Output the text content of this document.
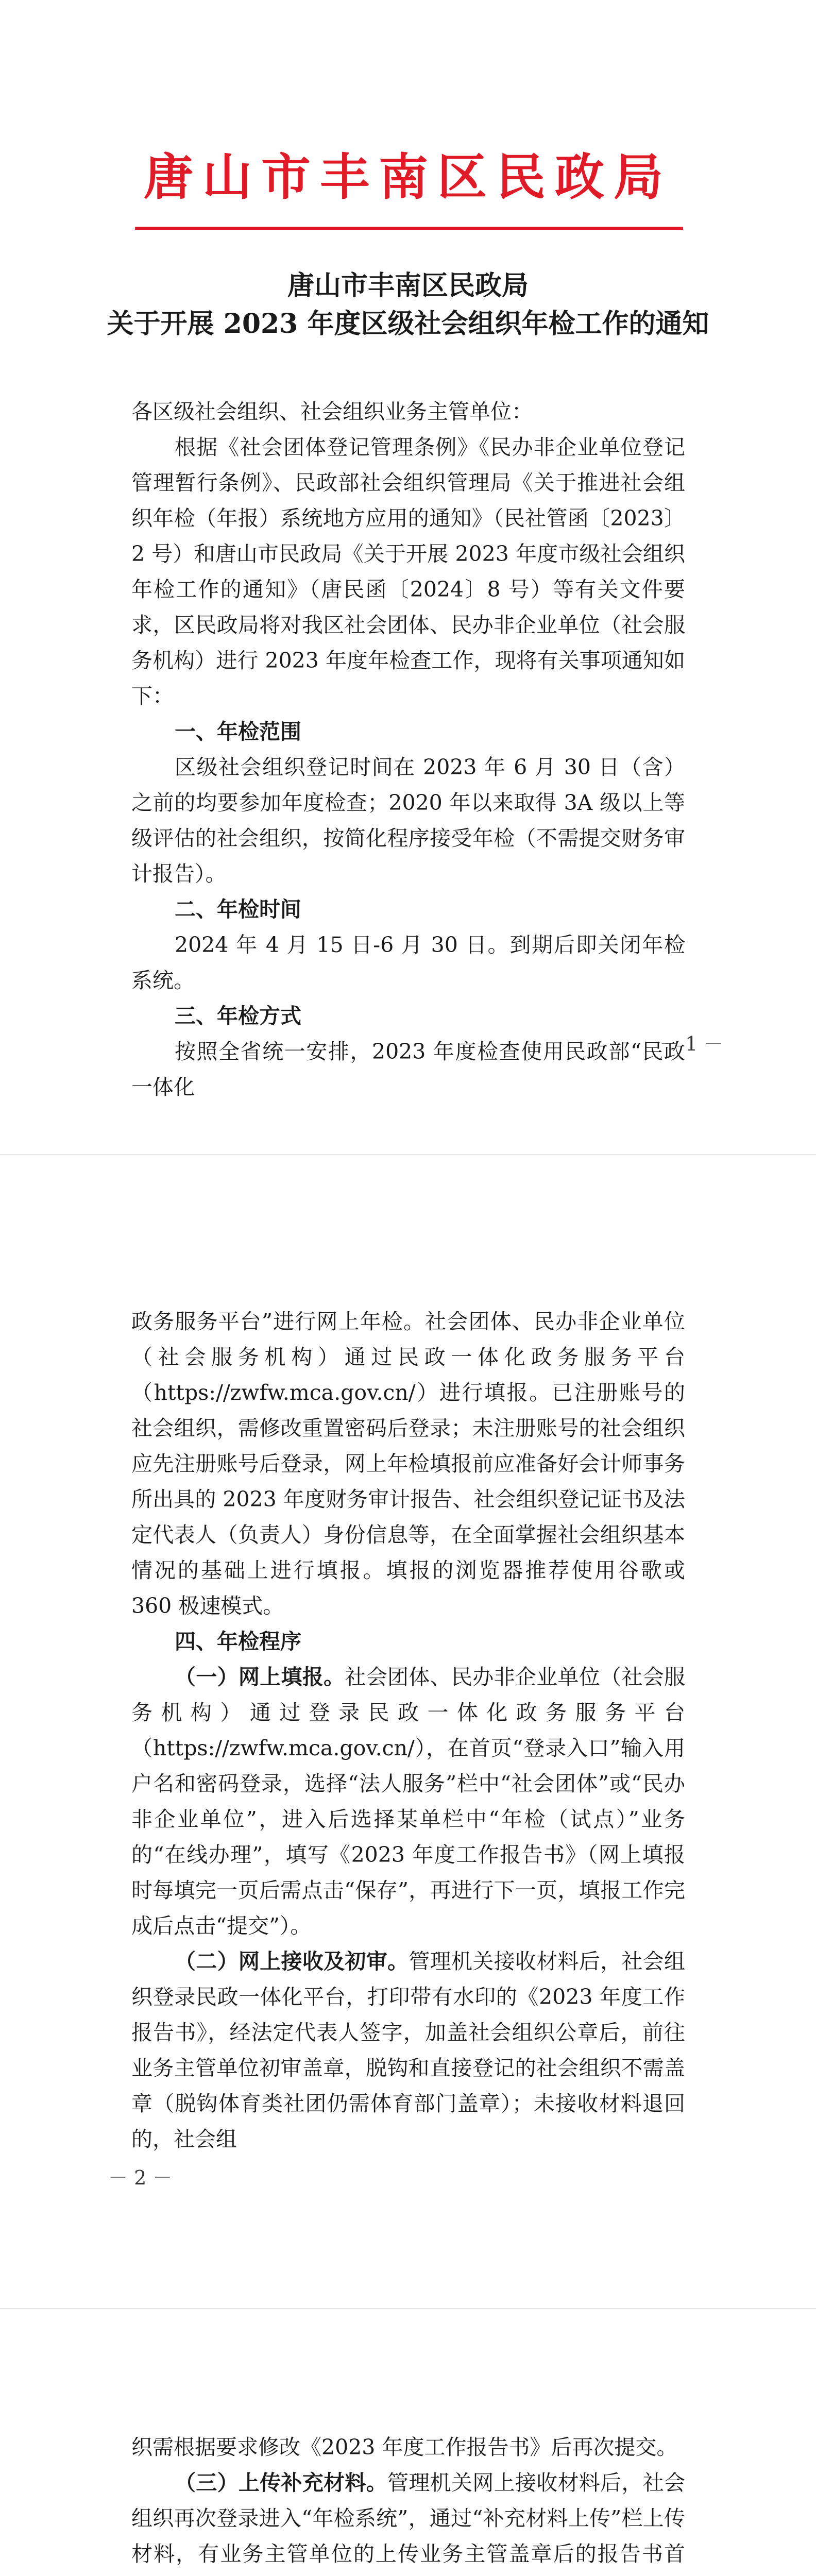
唐山市丰南区民政局
唐山市丰南区民政局
关于开展 2023 年度区级社会组织年检工作的通知

各区级社会组织、社会组织业务主管单位：

根据《社会团体登记管理条例》《民办非企业单位登记管理暂行条例》、民政部社会组织管理局《关于推进社会组织年检（年报）系统地方应用的通知》（民社管函〔2023〕2 号）和唐山市民政局《关于开展 2023 年度市级社会组织年检工作的通知》（唐民函〔2024〕8 号）等有关文件要求，区民政局将对我区社会团体、民办非企业单位（社会服务机构）进行 2023 年度年检查工作，现将有关事项通知如下：

一、年检范围

区级社会组织登记时间在 2023 年 6 月 30 日（含）之前的均要参加年度检查；2020 年以来取得 3A 级以上等级评估的社会组织，按简化程序接受年检（不需提交财务审计报告）。

二、年检时间

2024 年 4 月 15 日-6 月 30 日。到期后即关闭年检系统。

三、年检方式

按照全省统一安排，2023 年度检查使用民政部“民政一体化

－ 1 －

政务服务平台”进行网上年检。社会团体、民办非企业单位（社会服务机构）通过民政一体化政务服务平台（https://zwfw.mca.gov.cn/）进行填报。已注册账号的社会组织，需修改重置密码后登录；未注册账号的社会组织应先注册账号后登录，网上年检填报前应准备好会计师事务所出具的 2023 年度财务审计报告、社会组织登记证书及法定代表人（负责人）身份信息等，在全面掌握社会组织基本情况的基础上进行填报。填报的浏览器推荐使用谷歌或 360 极速模式。

四、年检程序

（一）网上填报。社会团体、民办非企业单位（社会服务机构）通过登录民政一体化政务服务平台（https://zwfw.mca.gov.cn/），在首页“登录入口”输入用户名和密码登录，选择“法人服务”栏中“社会团体”或“民办非企业单位”，进入后选择某单栏中“年检（试点）”业务的“在线办理”，填写《2023 年度工作报告书》（网上填报时每填完一页后需点击“保存”，再进行下一页，填报工作完成后点击“提交”）。

（二）网上接收及初审。管理机关接收材料后，社会组织登录民政一体化平台，打印带有水印的《2023 年度工作报告书》，经法定代表人签字，加盖社会组织公章后，前往业务主管单位初审盖章，脱钩和直接登记的社会组织不需盖章（脱钩体育类社团仍需体育部门盖章）；未接收材料退回的，社会组

－ 2 －

织需根据要求修改《2023 年度工作报告书》后再次提交。

（三）上传补充材料。管理机关网上接收材料后，社会组织再次登录进入“年检系统”，通过“补充材料上传”栏上传材料，有业务主管单位的上传业务主管盖章后的报告书首
